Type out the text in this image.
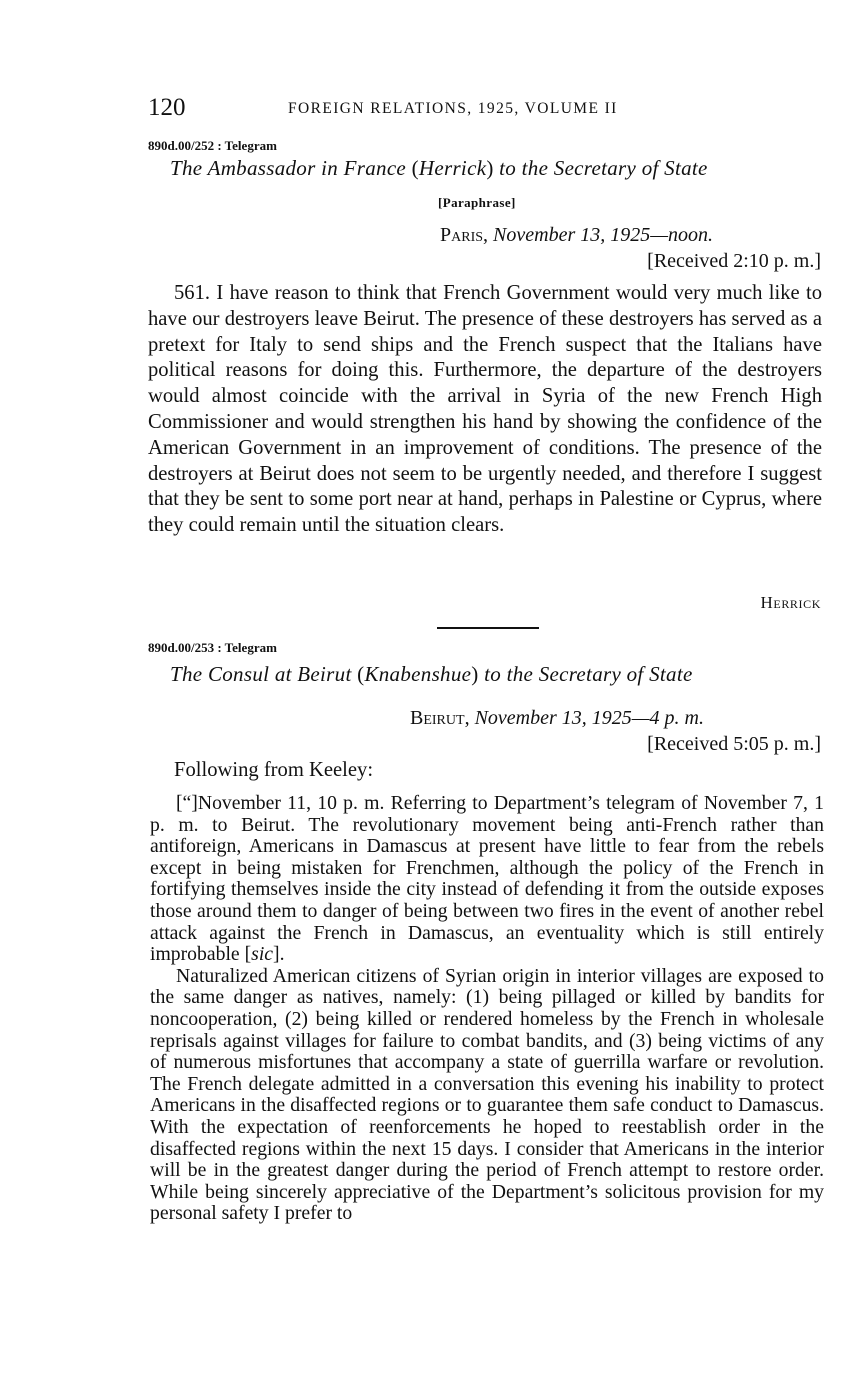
120	FOREIGN RELATIONS, 1925, VOLUME II
890d.00/252 : Telegram
The Ambassador in France (Herrick) to the Secretary of State
[Paraphrase]
Paris, November 13, 1925—noon.
[Received 2:10 p. m.]
561. I have reason to think that French Government would very much like to have our destroyers leave Beirut. The presence of these destroyers has served as a pretext for Italy to send ships and the French suspect that the Italians have political reasons for doing this. Furthermore, the departure of the destroyers would almost coincide with the arrival in Syria of the new French High Commissioner and would strengthen his hand by showing the confidence of the American Government in an improvement of conditions. The presence of the destroyers at Beirut does not seem to be urgently needed, and therefore I suggest that they be sent to some port near at hand, perhaps in Palestine or Cyprus, where they could remain until the situation clears.
Herrick
890d.00/253 : Telegram
The Consul at Beirut (Knabenshue) to the Secretary of State
Beirut, November 13, 1925—4 p. m.
[Received 5:05 p. m.]
Following from Keeley:

[“]November 11, 10 p. m. Referring to Department’s telegram of November 7, 1 p. m. to Beirut. The revolutionary movement being anti-French rather than antiforeign, Americans in Damascus at present have little to fear from the rebels except in being mistaken for Frenchmen, although the policy of the French in fortifying themselves inside the city instead of defending it from the outside exposes those around them to danger of being between two fires in the event of another rebel attack against the French in Damascus, an eventuality which is still entirely improbable [sic].

Naturalized American citizens of Syrian origin in interior villages are exposed to the same danger as natives, namely: (1) being pillaged or killed by bandits for noncooperation, (2) being killed or rendered homeless by the French in wholesale reprisals against villages for failure to combat bandits, and (3) being victims of any of numerous misfortunes that accompany a state of guerrilla warfare or revolution. The French delegate admitted in a conversation this evening his inability to protect Americans in the disaffected regions or to guarantee them safe conduct to Damascus. With the expectation of reenforcements he hoped to reestablish order in the disaffected regions within the next 15 days. I consider that Americans in the interior will be in the greatest danger during the period of French attempt to restore order. While being sincerely appreciative of the Department’s solicitous provision for my personal safety I prefer to
